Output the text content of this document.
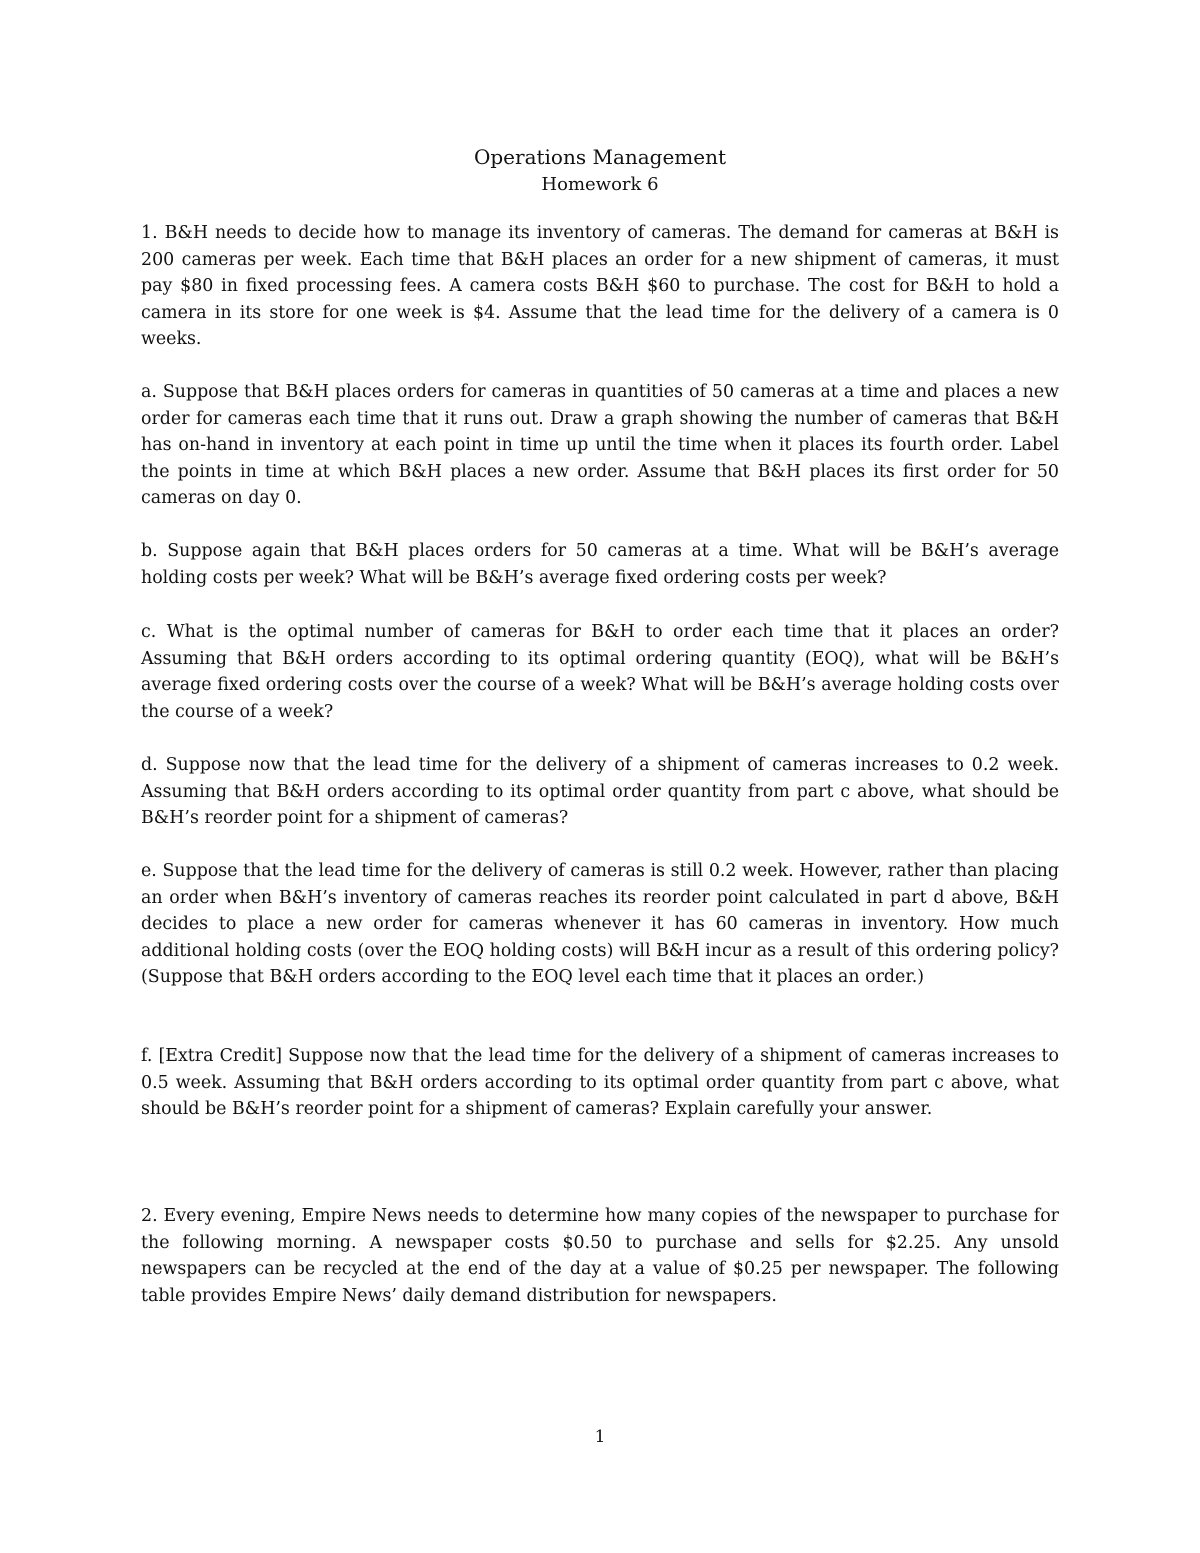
Operations Management
Homework 6

1. B&H needs to decide how to manage its inventory of cameras. The demand for cameras at B&H is 200 cameras per week. Each time that B&H places an order for a new shipment of cameras, it must pay $80 in fixed processing fees. A camera costs B&H $60 to purchase. The cost for B&H to hold a camera in its store for one week is $4. Assume that the lead time for the delivery of a camera is 0 weeks.

a. Suppose that B&H places orders for cameras in quantities of 50 cameras at a time and places a new order for cameras each time that it runs out. Draw a graph showing the number of cameras that B&H has on-hand in inventory at each point in time up until the time when it places its fourth order. Label the points in time at which B&H places a new order. Assume that B&H places its first order for 50 cameras on day 0.

b. Suppose again that B&H places orders for 50 cameras at a time. What will be B&H’s average holding costs per week? What will be B&H’s average fixed ordering costs per week?

c. What is the optimal number of cameras for B&H to order each time that it places an order? Assuming that B&H orders according to its optimal ordering quantity (EOQ), what will be B&H’s average fixed ordering costs over the course of a week? What will be B&H’s average holding costs over the course of a week?

d. Suppose now that the lead time for the delivery of a shipment of cameras increases to 0.2 week. Assuming that B&H orders according to its optimal order quantity from part c above, what should be B&H’s reorder point for a shipment of cameras?

e. Suppose that the lead time for the delivery of cameras is still 0.2 week. However, rather than placing an order when B&H’s inventory of cameras reaches its reorder point calculated in part d above, B&H decides to place a new order for cameras whenever it has 60 cameras in inventory. How much additional holding costs (over the EOQ holding costs) will B&H incur as a result of this ordering policy? (Suppose that B&H orders according to the EOQ level each time that it places an order.)

f. [Extra Credit] Suppose now that the lead time for the delivery of a shipment of cameras increases to 0.5 week. Assuming that B&H orders according to its optimal order quantity from part c above, what should be B&H’s reorder point for a shipment of cameras? Explain carefully your answer.

2. Every evening, Empire News needs to determine how many copies of the newspaper to purchase for the following morning. A newspaper costs $0.50 to purchase and sells for $2.25. Any unsold newspapers can be recycled at the end of the day at a value of $0.25 per newspaper. The following table provides Empire News’ daily demand distribution for newspapers.

1
